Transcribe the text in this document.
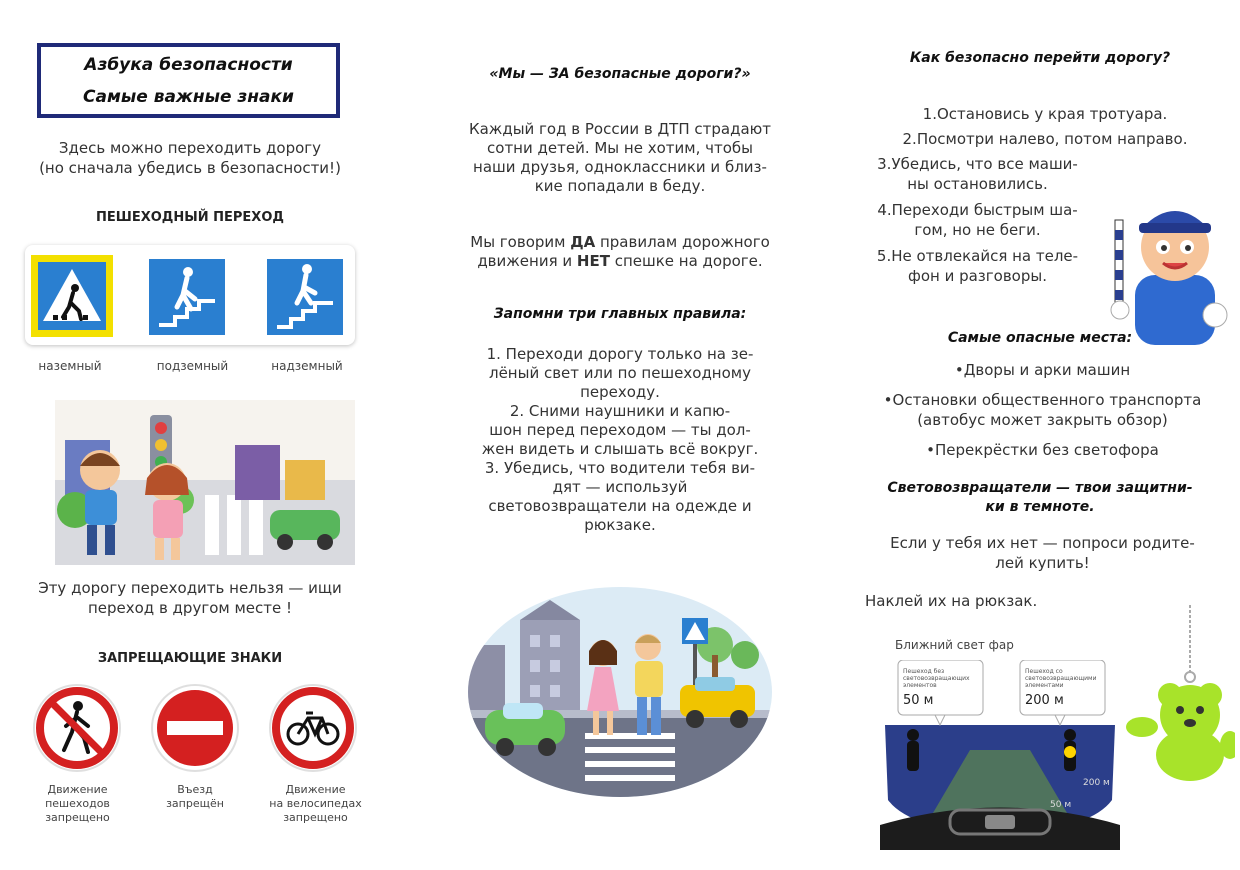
Азбука безопасности
Самые важные знаки
Здесь можно переходить дорогу
(но сначала убедись в безопасности!)
ПЕШЕХОДНЫЙ ПЕРЕХОД
наземный	подземный	надземный
Эту дорогу переходить нельзя — ищи
переход в другом месте !
ЗАПРЕЩАЮЩИЕ ЗНАКИ
Движение
пешеходов
запрещено
Въезд
запрещён
Движение
на велосипедах
запрещено
«Мы — ЗА безопасные дороги?»
Каждый год в России в ДТП страдают
сотни детей. Мы не хотим, чтобы
наши друзья, одноклассники и близ-
кие попадали в беду.
Мы говорим ДА правилам дорожного
движения и НЕТ спешке на дороге.
Запомни три главных правила:
1. Переходи дорогу только на зе-
лёный свет или по пешеходному
переходу.
2. Сними наушники и капю-
шон перед переходом — ты дол-
жен видеть и слышать всё вокруг.
3. Убедись, что водители тебя ви-
дят — используй
световозвращатели на одежде и
рюкзаке.
Как безопасно перейти дорогу?
1.Остановись у края тротуара.
2.Посмотри налево, потом направо.
3.Убедись, что все маши-
ны остановились.
4.Переходи быстрым ша-
гом, но не беги.
5.Не отвлекайся на теле-
фон и разговоры.
Самые опасные места:
•Дворы и арки машин
•Остановки общественного транспорта
(автобус может закрыть обзор)
•Перекрёстки без светофора
Световозвращатели — твои защитни-
ки в темноте.
Если у тебя их нет — попроси родите-
лей купить!
Наклей их на рюкзак.
Ближний свет фар
Пешеход без световозвращающих элементов
50 м
Пешеход со световозвращающими элементами
200 м
200 м
50 м
